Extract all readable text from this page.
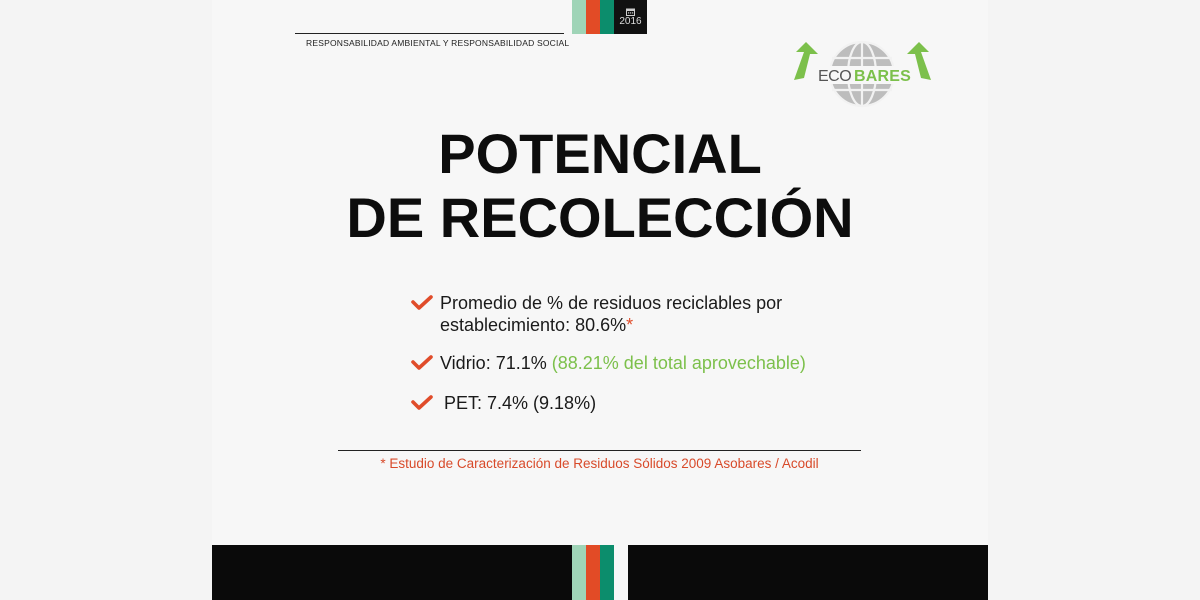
RESPONSABILIDAD AMBIENTAL Y RESPONSABILIDAD SOCIAL
2016
ECO BARES
POTENCIAL
DE RECOLECCIÓN
Promedio de % de residuos reciclables por establecimiento: 80.6%*
Vidrio: 71.1% (88.21% del total aprovechable)
PET: 7.4% (9.18%)
* Estudio de Caracterización de Residuos Sólidos 2009 Asobares / Acodil
